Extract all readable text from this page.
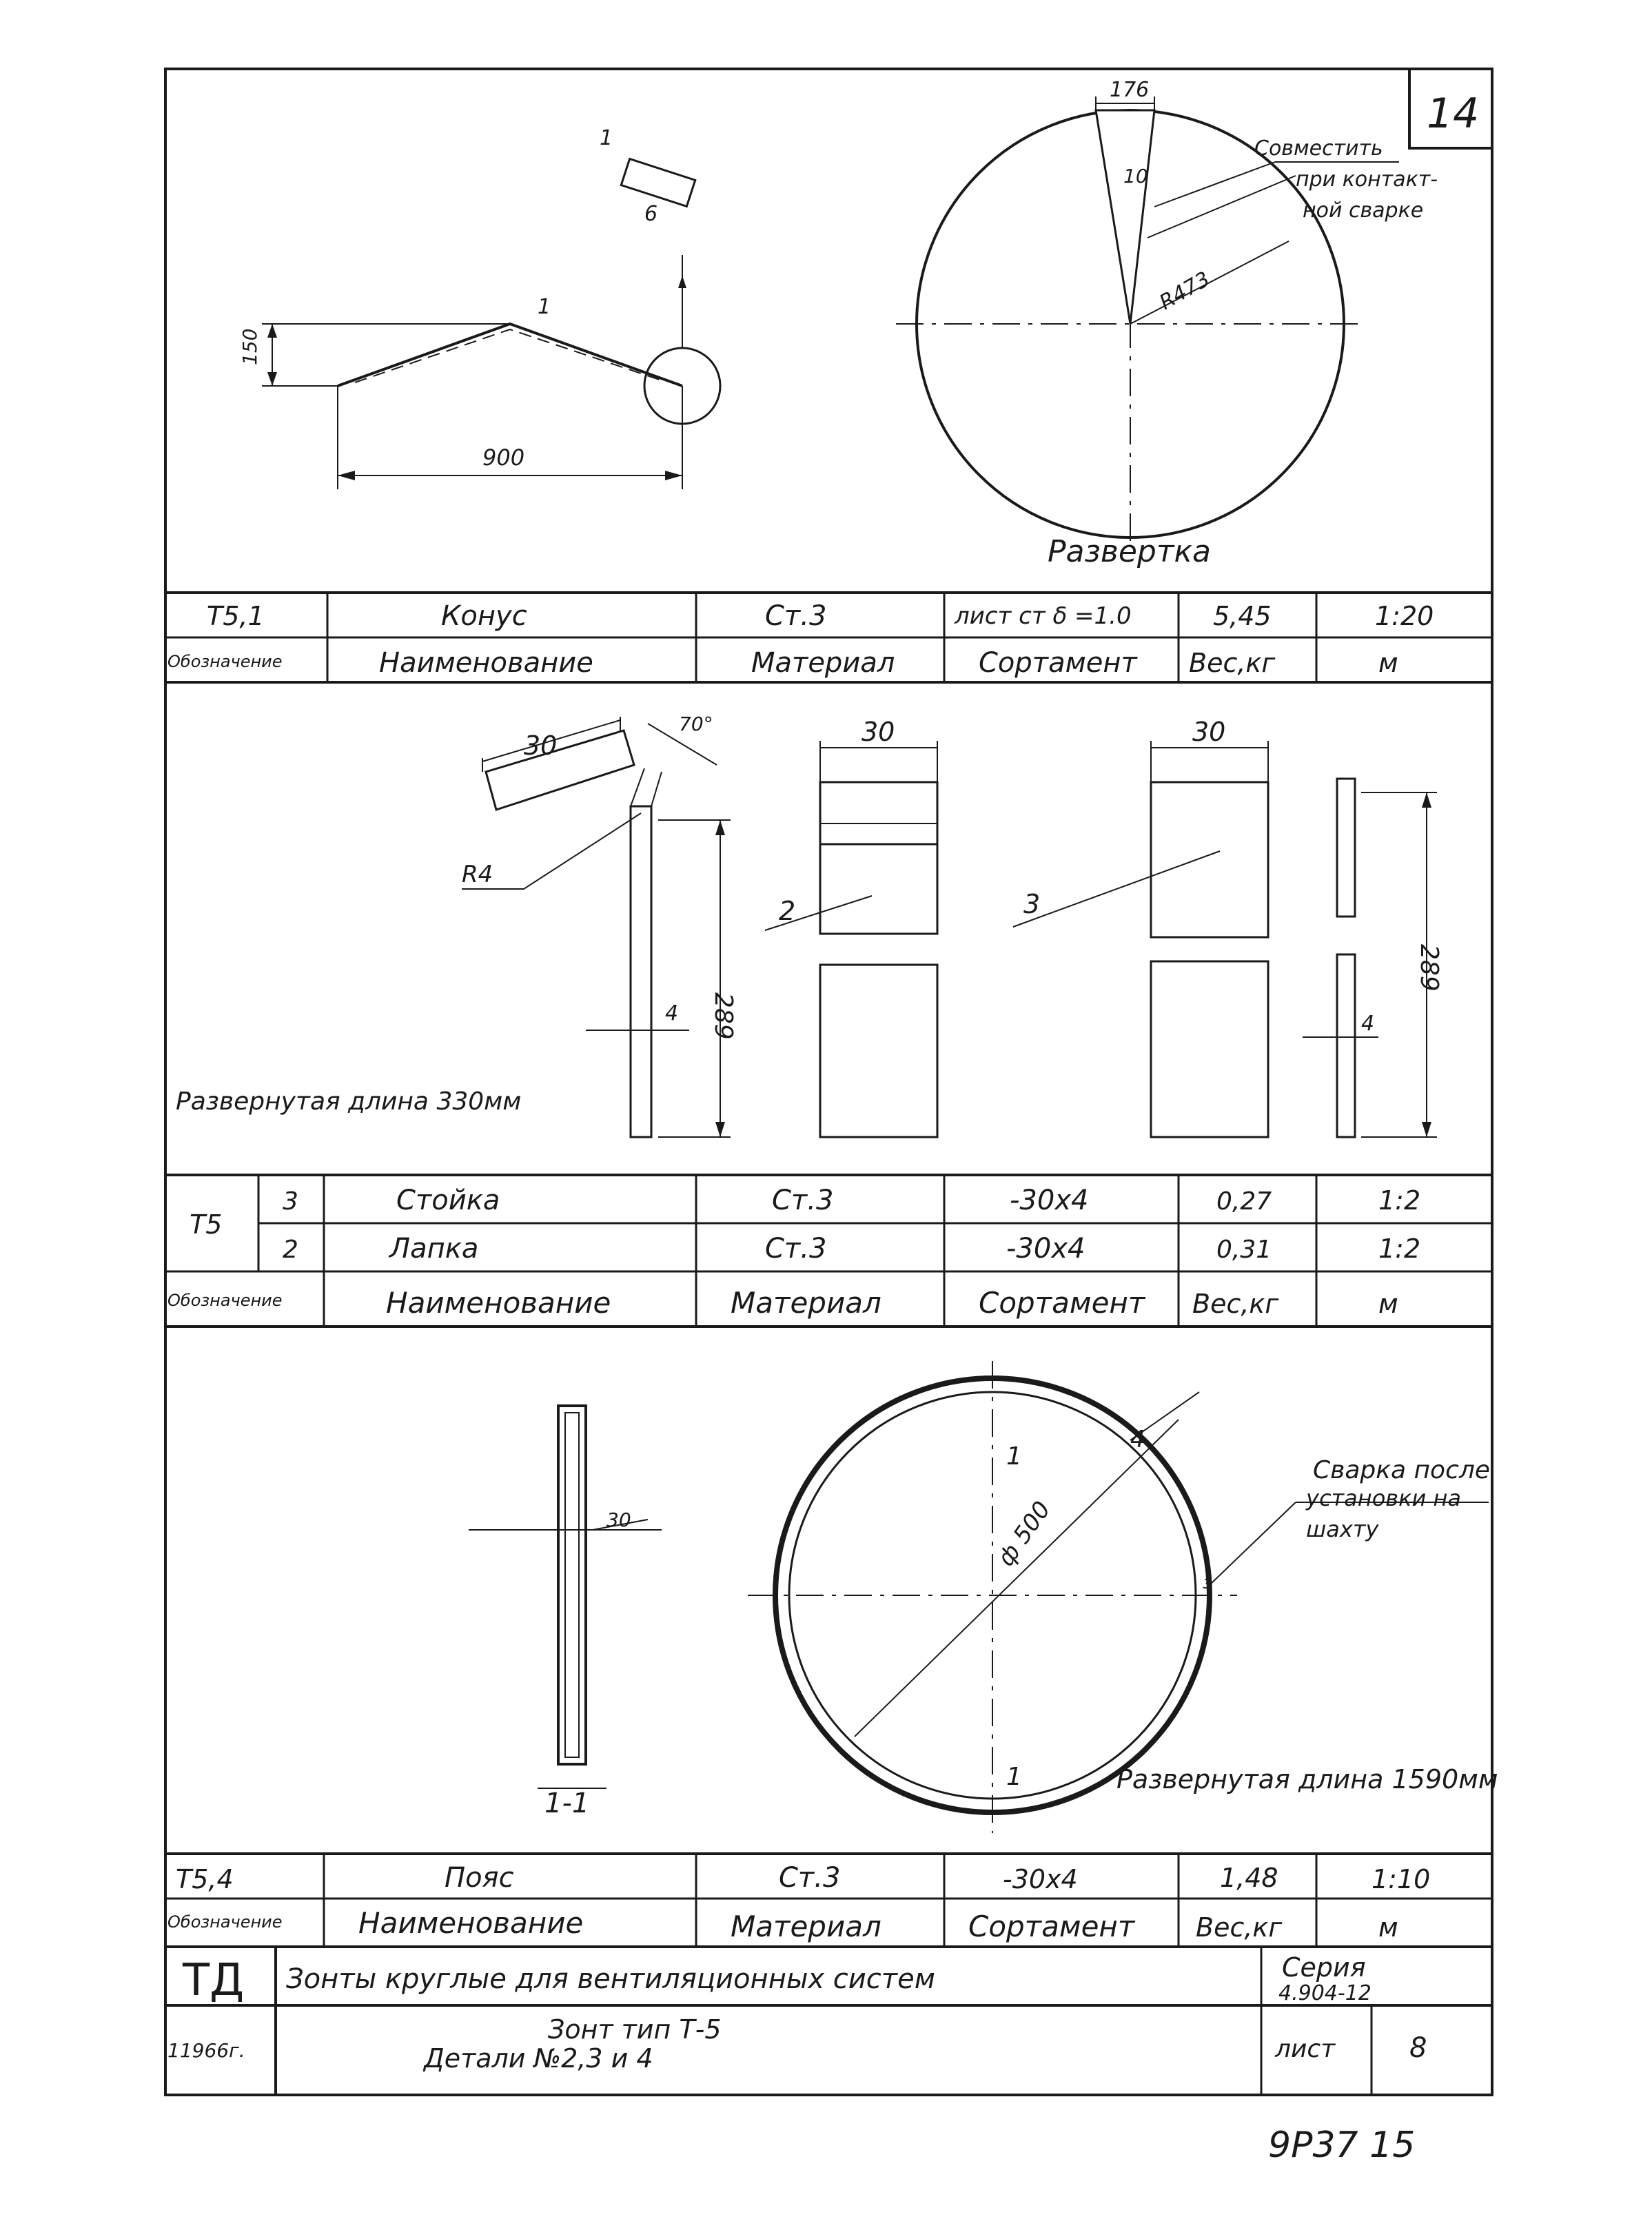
14
150
900
1
6
1
176
10
R473
Совместить
при контакт-
ной сварке
Развертка
Т5,1	Конус	Ст.3	лист ст δ =1.0	5,45	1:20
Обозначение	Наименование	Материал	Сортамент Вес,кг	м
30
70°
289
4
R4
Развернутая длина 330мм
30
2
30
3
289
4
Т5
3	Стойка	Ст.3	-30х4	0,27	1:2
2	Лапка	Ст.3	-30х4	0,31	1:2
Обозначение	Наименование	Материал	Сортамент Вес,кг	м
30
1-1
4
ф 500
1
1
з
Сварка после
установки на
шахту
Развернутая длина 1590мм
Т5,4	Пояс	Ст.3	-30х4	1,48	1:10
Обозначение	Наименование	Материал	Сортамент Вес,кг	м
ТД Зонты круглые для вентиляционных систем	Серия
4.904-12
11966г.
Зонт тип Т-5
Детали №2,3 и 4	лист	8
9Р37 15
